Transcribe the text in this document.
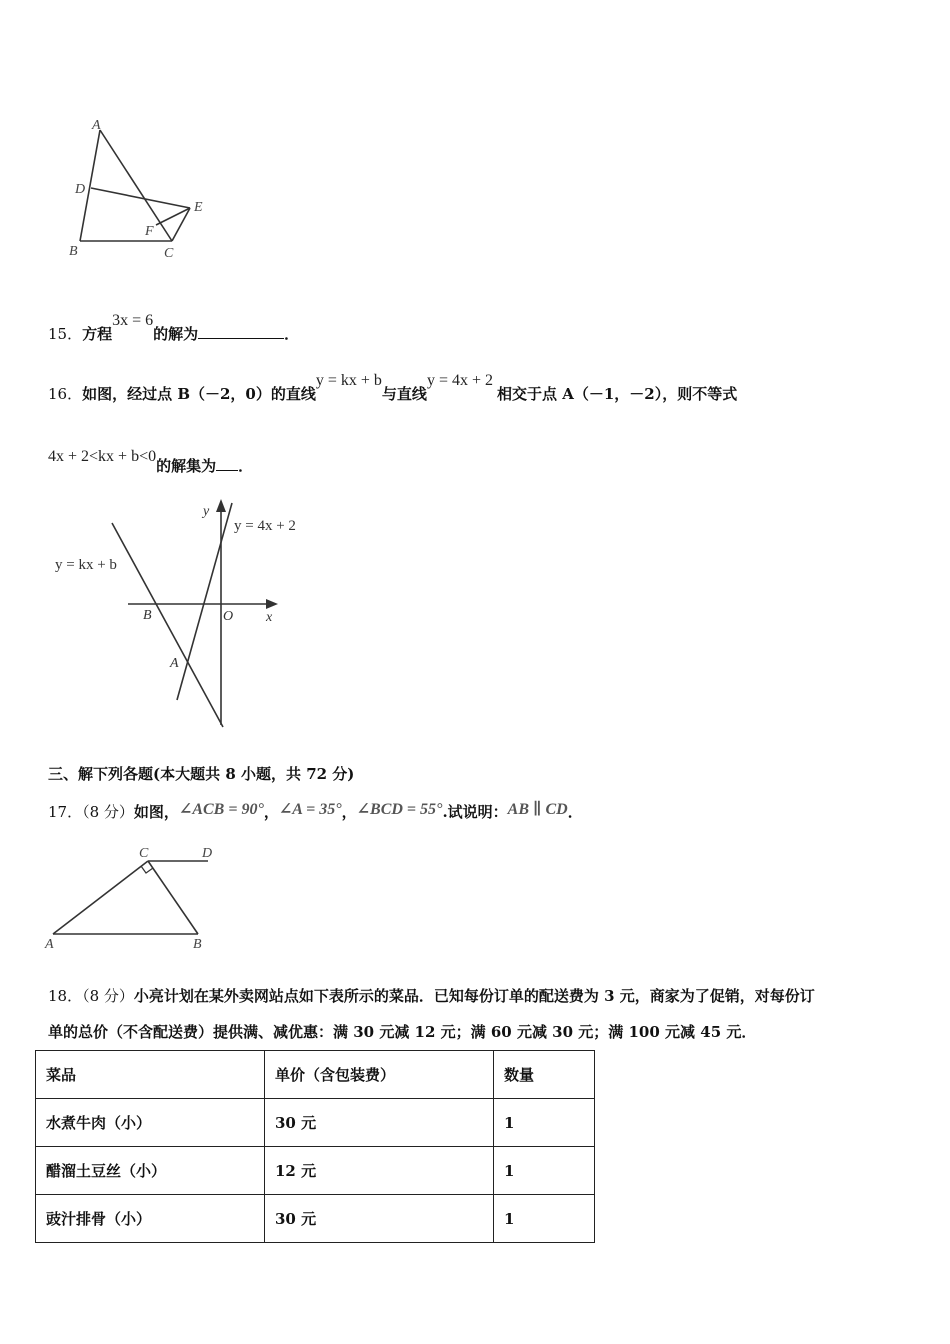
A
D
E
F
B	C
15．方程3x = 6的解为	．
16．如图，经过点 B（－2，0）的直线y = kx + b与直线y = 4x + 2相交于点 A（－1，－2），则不等式
4x + 2<kx + b<0的解集为 ．
y
x
O
B
A
y = kx + b
y = 4x + 2
三、解下列各题(本大题共 8 小题，共 72 分)
17．（8 分）如图，∠ACB = 90°，∠A = 35°，∠BCD = 55°.试说明：AB ∥ CD．
C	D
A	B
18．（8 分）小亮计划在某外卖网站点如下表所示的菜品．已知每份订单的配送费为 3 元，商家为了促销，对每份订
单的总价（不含配送费）提供满、减优惠：满 30 元减 12 元；满 60 元减 30 元；满 100 元减 45 元．
菜品	单价（含包装费）	数量
水煮牛肉（小）	30 元	1
醋溜土豆丝（小）	12 元	1
豉汁排骨（小）	30 元	1
